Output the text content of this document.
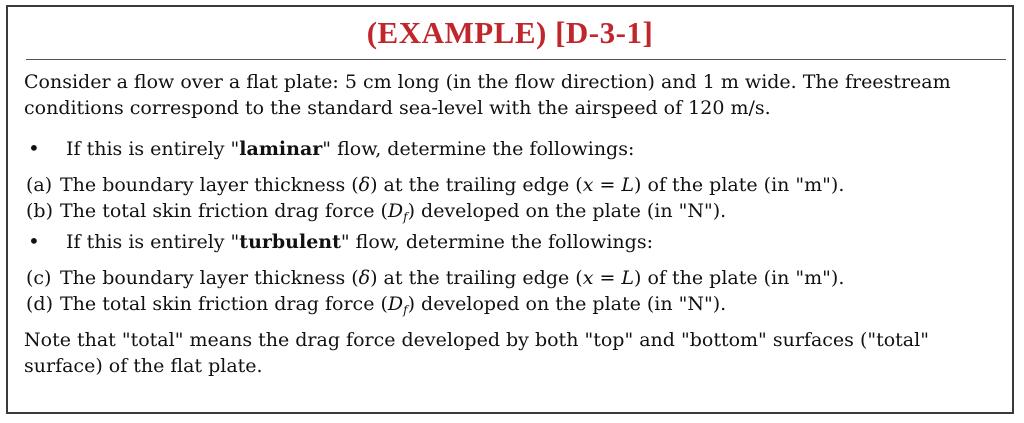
(EXAMPLE) [D-3-1]

Consider a flow over a flat plate: 5 cm long (in the flow direction) and 1 m wide. The freestream

conditions correspond to the standard sea-level with the airspeed of 120 m/s.

•	If this is entirely "laminar" flow, determine the followings:

(a) The boundary layer thickness (δ) at the trailing edge (x = L) of the plate (in "m").

(b) The total skin friction drag force $(D_f)$ developed on the plate (in "N").

•	If this is entirely "turbulent" flow, determine the followings:

(c) The boundary layer thickness (δ) at the trailing edge (x = L) of the plate (in "m").

(d) The total skin friction drag force $(D_f)$ developed on the plate (in "N").

Note that "total" means the drag force developed by both "top" and "bottom" surfaces ("total"

surface) of the flat plate.
